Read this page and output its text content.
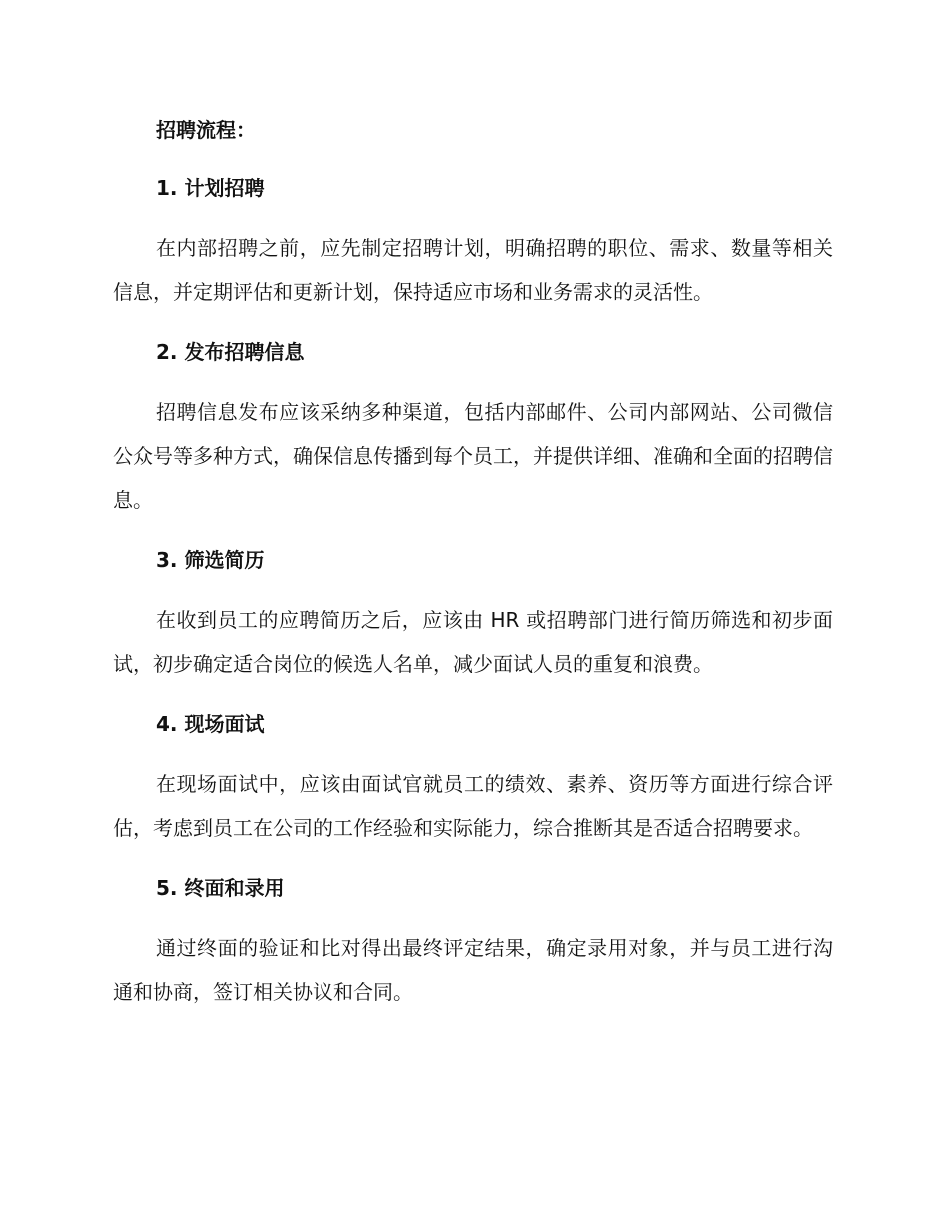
招聘流程：
1. 计划招聘

在内部招聘之前，应先制定招聘计划，明确招聘的职位、需求、数量等相关信息，并定期评估和更新计划，保持适应市场和业务需求的灵活性。

2. 发布招聘信息

招聘信息发布应该采纳多种渠道，包括内部邮件、公司内部网站、公司微信公众号等多种方式，确保信息传播到每个员工，并提供详细、准确和全面的招聘信息。

3. 筛选简历

在收到员工的应聘简历之后，应该由 HR 或招聘部门进行简历筛选和初步面试，初步确定适合岗位的候选人名单，减少面试人员的重复和浪费。

4. 现场面试

在现场面试中，应该由面试官就员工的绩效、素养、资历等方面进行综合评估，考虑到员工在公司的工作经验和实际能力，综合推断其是否适合招聘要求。

5. 终面和录用

通过终面的验证和比对得出最终评定结果，确定录用对象，并与员工进行沟通和协商，签订相关协议和合同。
